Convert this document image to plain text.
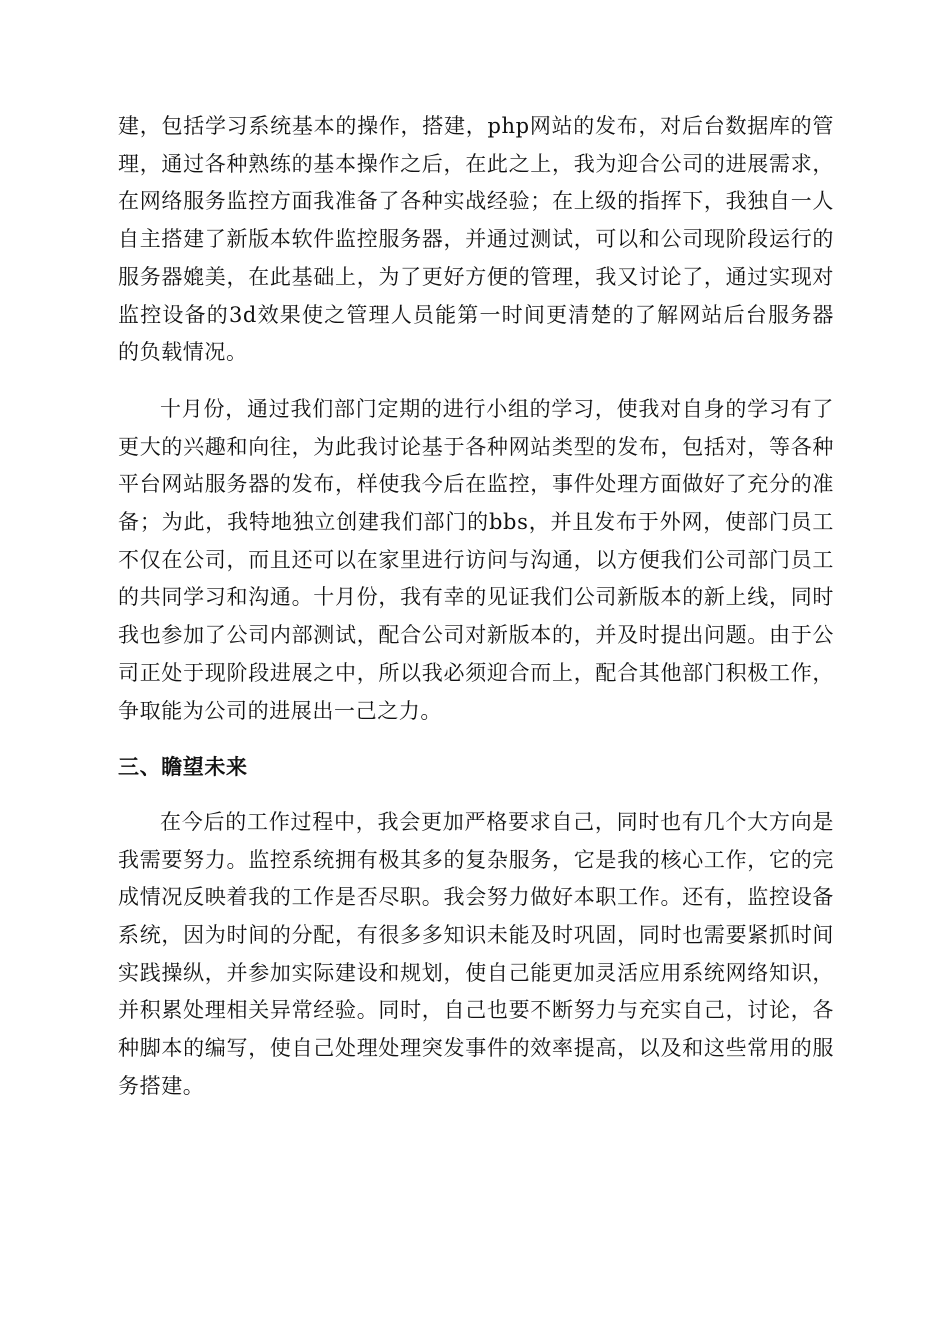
建，包括学习系统基本的操作，搭建，php网站的发布，对后台数据库的管理，通过各种熟练的基本操作之后，在此之上，我为迎合公司的进展需求，在网络服务监控方面我准备了各种实战经验；在上级的指挥下，我独自一人自主搭建了新版本软件监控服务器，并通过测试，可以和公司现阶段运行的服务器媲美，在此基础上，为了更好方便的管理，我又讨论了，通过实现对监控设备的3d效果使之管理人员能第一时间更清楚的了解网站后台服务器的负载情况。

十月份，通过我们部门定期的进行小组的学习，使我对自身的学习有了更大的兴趣和向往，为此我讨论基于各种网站类型的发布，包括对，等各种平台网站服务器的发布，样使我今后在监控，事件处理方面做好了充分的准备；为此，我特地独立创建我们部门的bbs，并且发布于外网，使部门员工不仅在公司，而且还可以在家里进行访问与沟通，以方便我们公司部门员工的共同学习和沟通。十月份，我有幸的见证我们公司新版本的新上线，同时我也参加了公司内部测试，配合公司对新版本的，并及时提出问题。由于公司正处于现阶段进展之中，所以我必须迎合而上，配合其他部门积极工作，争取能为公司的进展出一己之力。

三、瞻望未来

在今后的工作过程中，我会更加严格要求自己，同时也有几个大方向是我需要努力。监控系统拥有极其多的复杂服务，它是我的核心工作，它的完成情况反映着我的工作是否尽职。我会努力做好本职工作。还有，监控设备系统，因为时间的分配，有很多多知识未能及时巩固，同时也需要紧抓时间实践操纵，并参加实际建设和规划，使自己能更加灵活应用系统网络知识，并积累处理相关异常经验。同时，自己也要不断努力与充实自己，讨论，各种脚本的编写，使自己处理处理突发事件的效率提高，以及和这些常用的服务搭建。
